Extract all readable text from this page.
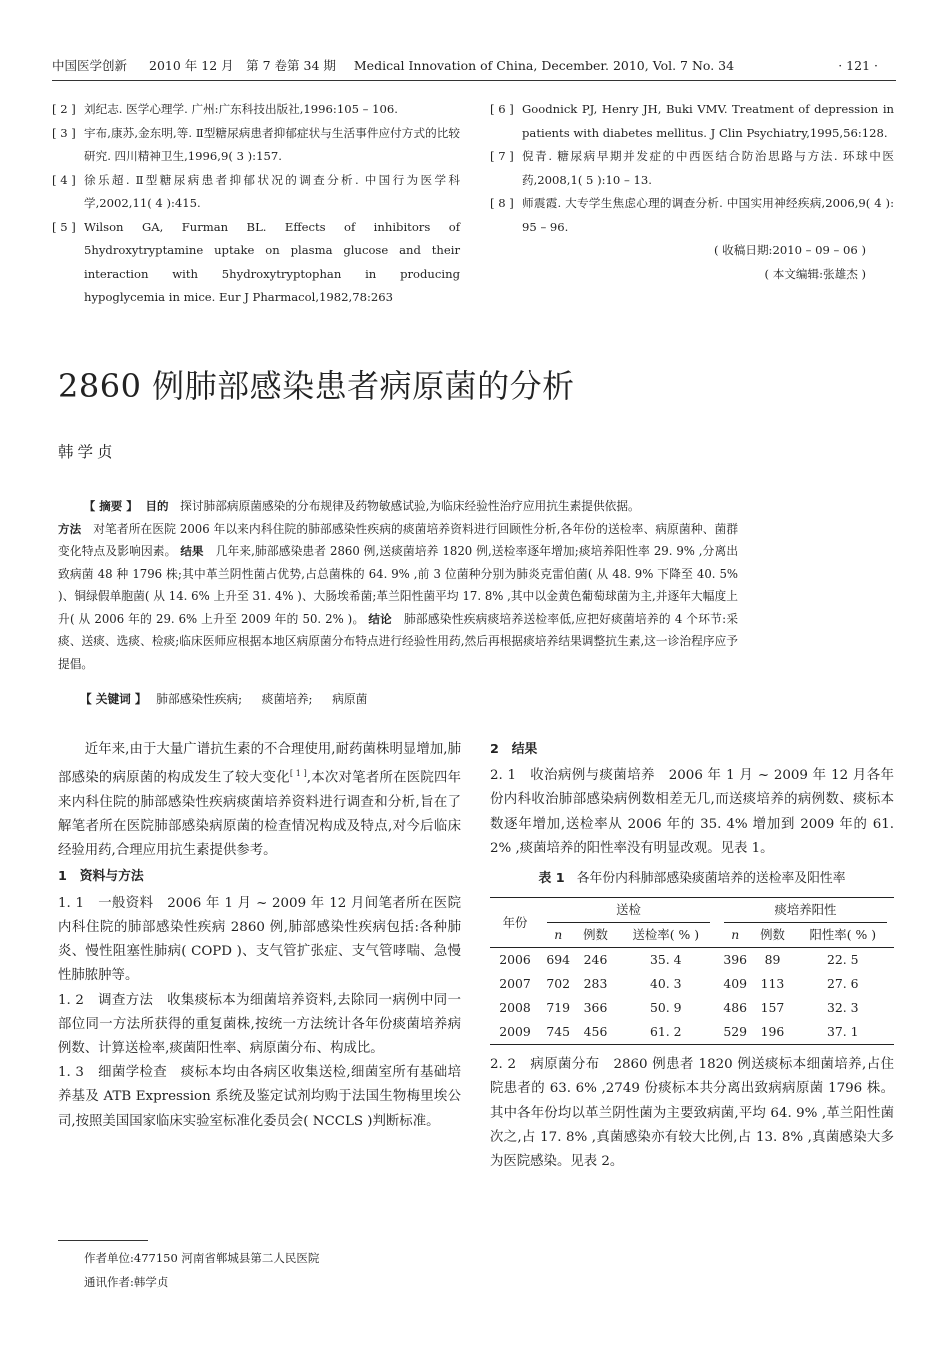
中国医学创新 2010 年 12 月　第 7 卷第 34 期 Medical Innovation of China, December. 2010, Vol. 7 No. 34	· 121 ·
[ 2 ] 刘纪志. 医学心理学. 广州:广东科技出版社,1996:105 – 106.
[ 3 ] 宇布,康苏,金东明,等. Ⅱ型糖尿病患者抑郁症状与生活事件应付方式的比较研究. 四川精神卫生,1996,9( 3 ):157.
[ 4 ] 徐乐超. Ⅱ型糖尿病患者抑郁状况的调查分析. 中国行为医学科学,2002,11( 4 ):415.
[ 5 ] Wilson GA, Furman BL. Effects of inhibitors of 5hydroxytryptamine uptake on plasma glucose and their interaction with 5hydroxytryptophan in producing hypoglycemia in mice. Eur J Pharmacol,1982,78:263
[ 6 ] Goodnick PJ, Henry JH, Buki VMV. Treatment of depression in patients with diabetes mellitus. J Clin Psychiatry,1995,56:128.
[ 7 ] 倪青. 糖尿病早期并发症的中西医结合防治思路与方法. 环球中医药,2008,1( 5 ):10 – 13.
[ 8 ] 师震霞. 大专学生焦虑心理的调查分析. 中国实用神经疾病,2006,9( 4 ): 95 – 96.
( 收稿日期:2010 – 09 – 06 )
( 本文编辑:张雄杰 )
2860 例肺部感染患者病原菌的分析
韩学贞
【 摘要 】 目的 探讨肺部病原菌感染的分布规律及药物敏感试验,为临床经验性治疗应用抗生素提供依据。
方法 对笔者所在医院 2006 年以来内科住院的肺部感染性疾病的痰菌培养资料进行回顾性分析,各年份的送检率、病原菌种、菌群变化特点及影响因素。 结果 几年来,肺部感染患者 2860 例,送痰菌培养 1820 例,送检率逐年增加;痰培养阳性率 29. 9% ,分离出致病菌 48 种 1796 株;其中革兰阴性菌占优势,占总菌株的 64. 9% ,前 3 位菌种分别为肺炎克雷伯菌( 从 48. 9% 下降至 40. 5% )、铜绿假单胞菌( 从 14. 6% 上升至 31. 4% )、大肠埃希菌;革兰阳性菌平均 17. 8% ,其中以金黄色葡萄球菌为主,并逐年大幅度上升( 从 2006 年的 29. 6% 上升至 2009 年的 50. 2% )。 结论 肺部感染性疾病痰培养送检率低,应把好痰菌培养的 4 个环节:采痰、送痰、选痰、检痰;临床医师应根据本地区病原菌分布特点进行经验性用药,然后再根据痰培养结果调整抗生素,这一诊治程序应予提倡。
【 关键词 】 肺部感染性疾病; 痰菌培养; 病原菌

近年来,由于大量广谱抗生素的不合理使用,耐药菌株明显增加,肺部感染的病原菌的构成发生了较大变化[ 1 ],本次对笔者所在医院四年来内科住院的肺部感染性疾病痰菌培养资料进行调查和分析,旨在了解笔者所在医院肺部感染病原菌的检查情况构成及特点,对今后临床经验用药,合理应用抗生素提供参考。

1　资料与方法

1. 1　一般资料　2006 年 1 月 ~ 2009 年 12 月间笔者所在医院内科住院的肺部感染性疾病 2860 例,肺部感染性疾病包括:各种肺炎、慢性阻塞性肺病( COPD )、支气管扩张症、支气管哮喘、急慢性肺脓肿等。

1. 2　调查方法　收集痰标本为细菌培养资料,去除同一病例中同一部位同一方法所获得的重复菌株,按统一方法统计各年份痰菌培养病例数、计算送检率,痰菌阳性率、病原菌分布、构成比。

1. 3　细菌学检查　痰标本均由各病区收集送检,细菌室所有基础培养基及 ATB Expression 系统及鉴定试剂均购于法国生物梅里埃公司,按照美国国家临床实验室标准化委员会( NCCLS )判断标准。

2　结果

2. 1　收治病例与痰菌培养　2006 年 1 月 ~ 2009 年 12 月各年份内科收治肺部感染病例数相差无几,而送痰培养的病例数、痰标本数逐年增加,送检率从 2006 年的 35. 4% 增加到 2009 年的 61. 2% ,痰菌培养的阳性率没有明显改观。见表 1。

表 1 各年份内科肺部感染痰菌培养的送检率及阳性率
年份	送检			痰培养阳性		
	n	例数	送检率( % )	n	例数	阳性率( % )
2006	694	246	35. 4	396	89	22. 5
2007	702	283	40. 3	409	113	27. 6
2008	719	366	50. 9	486	157	32. 3
2009	745	456	61. 2	529	196	37. 1

2. 2　病原菌分布　2860 例患者 1820 例送痰标本细菌培养,占住院患者的 63. 6% ,2749 份痰标本共分离出致病病原菌 1796 株。其中各年份均以革兰阴性菌为主要致病菌,平均 64. 9% ,革兰阳性菌次之,占 17. 8% ,真菌感染亦有较大比例,占 13. 8% ,真菌感染大多为医院感染。见表 2。

作者单位:477150 河南省郸城县第二人民医院
通讯作者:韩学贞
